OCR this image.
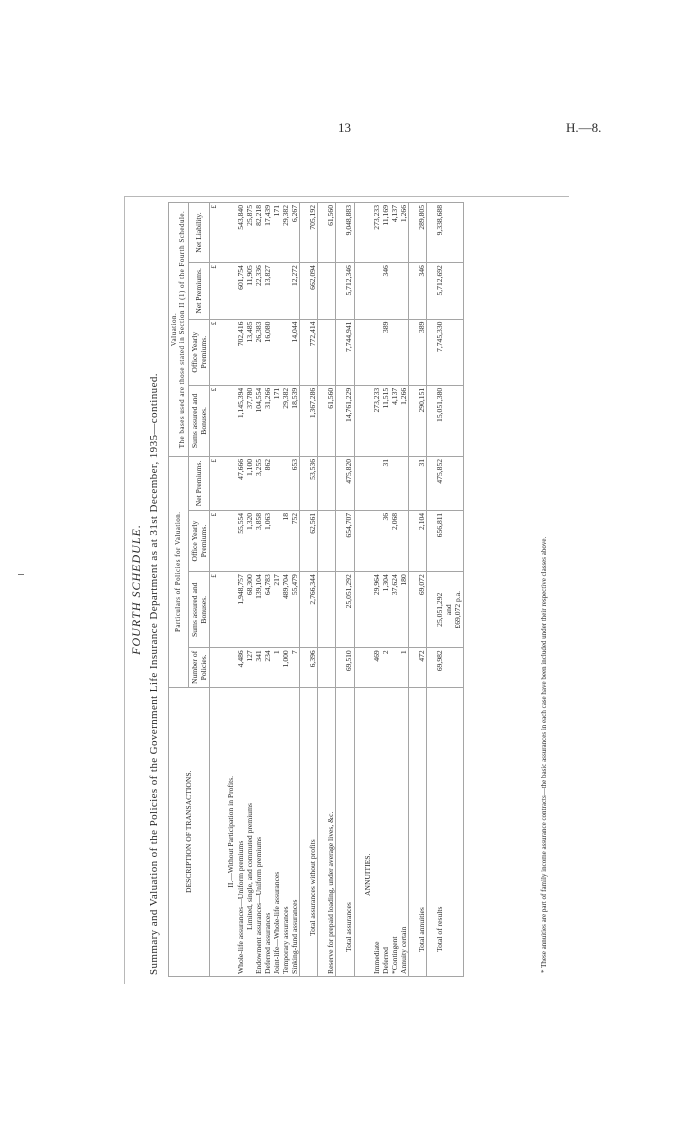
13	H.—8.
FOURTH SCHEDULE. Summary and Valuation of the Policies of the Government Life Insurance Department as at 31st December, 1935—continued.	DESCRIPTION OF TRANSACTIONS.	Particulars of Policies for Valuation.				Valuation. The bases used are those stated in Section II (1) of the Fourth Schedule.			

	Number of Policies.	Sums assured and Bonuses.	Office Yearly Premiums.	Net Premiums.	Sums assured and Bonuses.	Office Yearly Premiums.	Net Premiums.	Net Liability.
		£	£	£	£	£	£	£
II.—Without Participation in Profits.								
Whole-life assurances—Uniform premiums	4,486	1,948,757	55,554	47,666	1,145,394	702,416	601,754	543,840
Limited, single, and commuted premiums	127	68,300	1,320	1,100	37,780	13,485	11,905	25,875
Endowment assurances—Uniform premiums	341	139,104	3,858	3,255	104,554	26,383	22,336	82,218
Deferred assurances	234	64,783	1,063	862	31,266	16,080	13,827	17,439
Joint-life—Whole-life assurances	1	217			171			171
Temporary assurances	1,000	489,704	18		29,382			29,382
Sinking-fund assurances	7	55,479	752	653	18,539	14,044	12,272	6,267
Total assurances without profits	6,396	2,766,344	62,561	53,536	1,367,286	772,414	662,094	705,192
Reserve for prepaid loading, under average lives, &c.					61,560			61,560
Total assurances	69,510	25,051,292	654,707	475,820	14,761,229	7,744,941	5,712,346	9,048,883
ANNUITIES.								
Immediate	469	29,964			273,233			273,233
Deferred	2	1,304	36	31	11,515	389	346	11,169
*Contingent		37,624	2,068		4,137			4,137
Annuity certain	1	180			1,266			1,266
Total annuities	472	69,072	2,104	31	290,151	389	346	289,805
Total of results	69,982	25,051,292 and £69,072 p.a.	656,811	475,852	15,051,380	7,745,330	5,712,692	9,338,688
* These annuities are part of family income assurance contracts—the basic assurances in each case have been included under their respective classes above.
